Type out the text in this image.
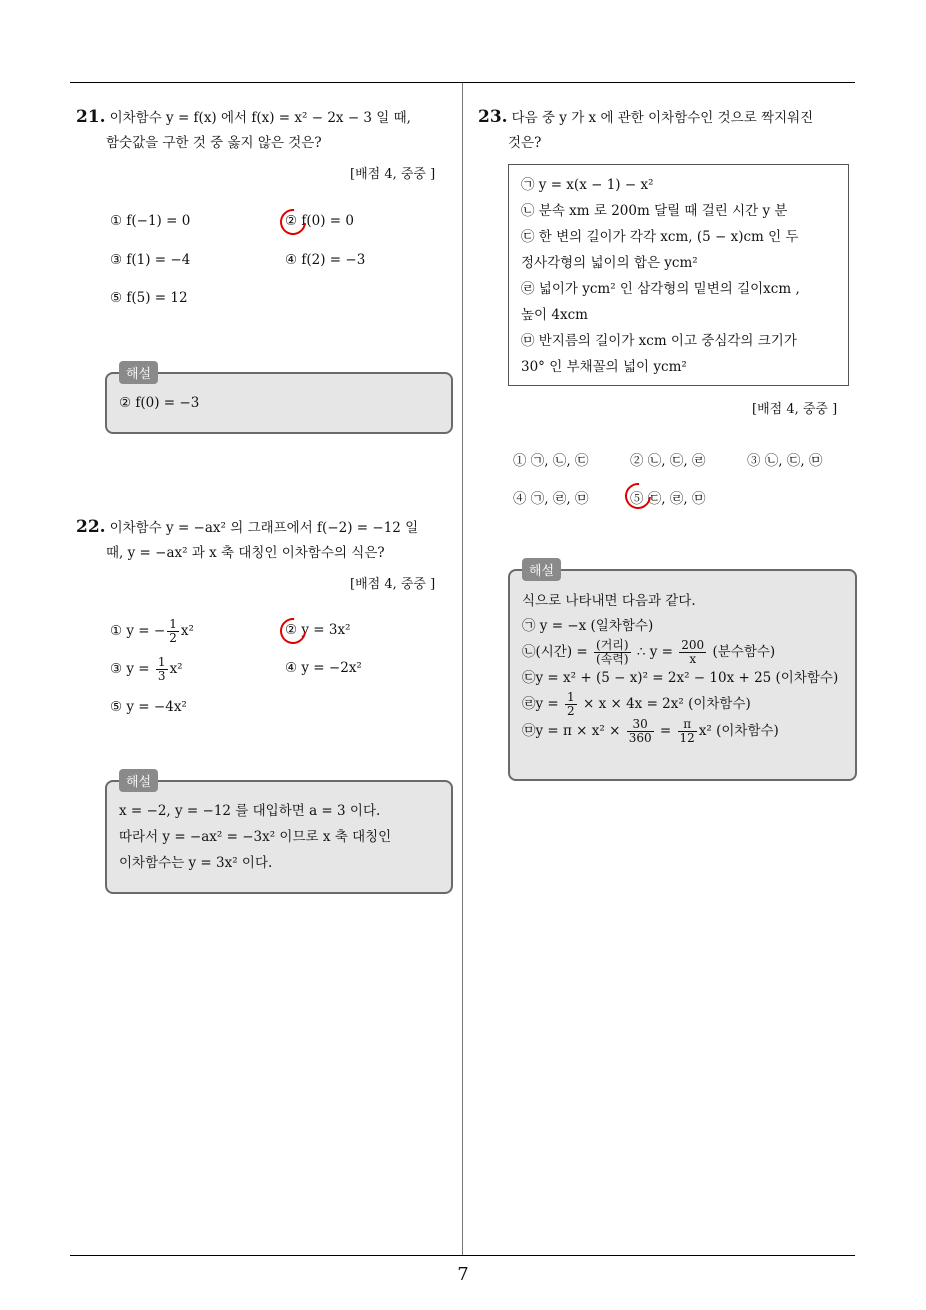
7
21. 이차함수 y = f(x) 에서 f(x) = x² − 2x − 3 일 때,
함숫값을 구한 것 중 옳지 않은 것은?
[배점 4, 중중 ]
① f(−1) = 0	② f(0) = 0
③ f(1) = −4	④ f(2) = −3
⑤ f(5) = 12
해설
② f(0) = −3
22. 이차함수 y = −ax² 의 그래프에서 f(−2) = −12 일
때, y = −ax² 과 x 축 대칭인 이차함수의 식은?
[배점 4, 중중 ]
① y = − $\frac{1}{2} x^2$	② y = 3x²
③ $y = \frac{1}{3} x^2$	④ y = −2x²
⑤ y = −4x²
해설
x = −2, y = −12 를 대입하면 a = 3 이다.
따라서 y = −ax² = −3x² 이므로 x 축 대칭인
이차함수는 y = 3x² 이다.
23. 다음 중 y 가 x 에 관한 이차함수인 것으로 짝지워진
것은?
㉠ y = x(x − 1) − x²
㉡ 분속 xm 로 200m 달릴 때 걸린 시간 y 분
㉢ 한 변의 길이가 각각 xcm, (5 − x)cm 인 두
정사각형의 넓이의 합은 ycm²
㉣ 넓이가 ycm² 인 삼각형의 밑변의 길이xcm ,
높이 4xcm
㉤ 반지름의 길이가 xcm 이고 중심각의 크기가
30° 인 부채꼴의 넓이 ycm²
[배점 4, 중중 ]
① ㉠, ㉡, ㉢	② ㉡, ㉢, ㉣	③ ㉡, ㉢, ㉤
④ ㉠, ㉣, ㉤	⑤ ㉢, ㉣, ㉤
해설
식으로 나타내면 다음과 같다.
㉠ y = −x (일차함수)
㉡(시간) = $\frac{\text{(거리)}}{\text{(속력)}}$ ∴ $y = \frac{200}{x}$ (분수함수)
㉢y = x² + (5 − x)² = 2x² − 10x + 25 (이차함수)
㉣y = $\frac{1}{2} \times x \times 4x = 2x^2$ (이차함수)
㉤y = $\pi \times x^2 \times \frac{30}{360} = \frac{\pi}{12} x^2$ (이차함수)
